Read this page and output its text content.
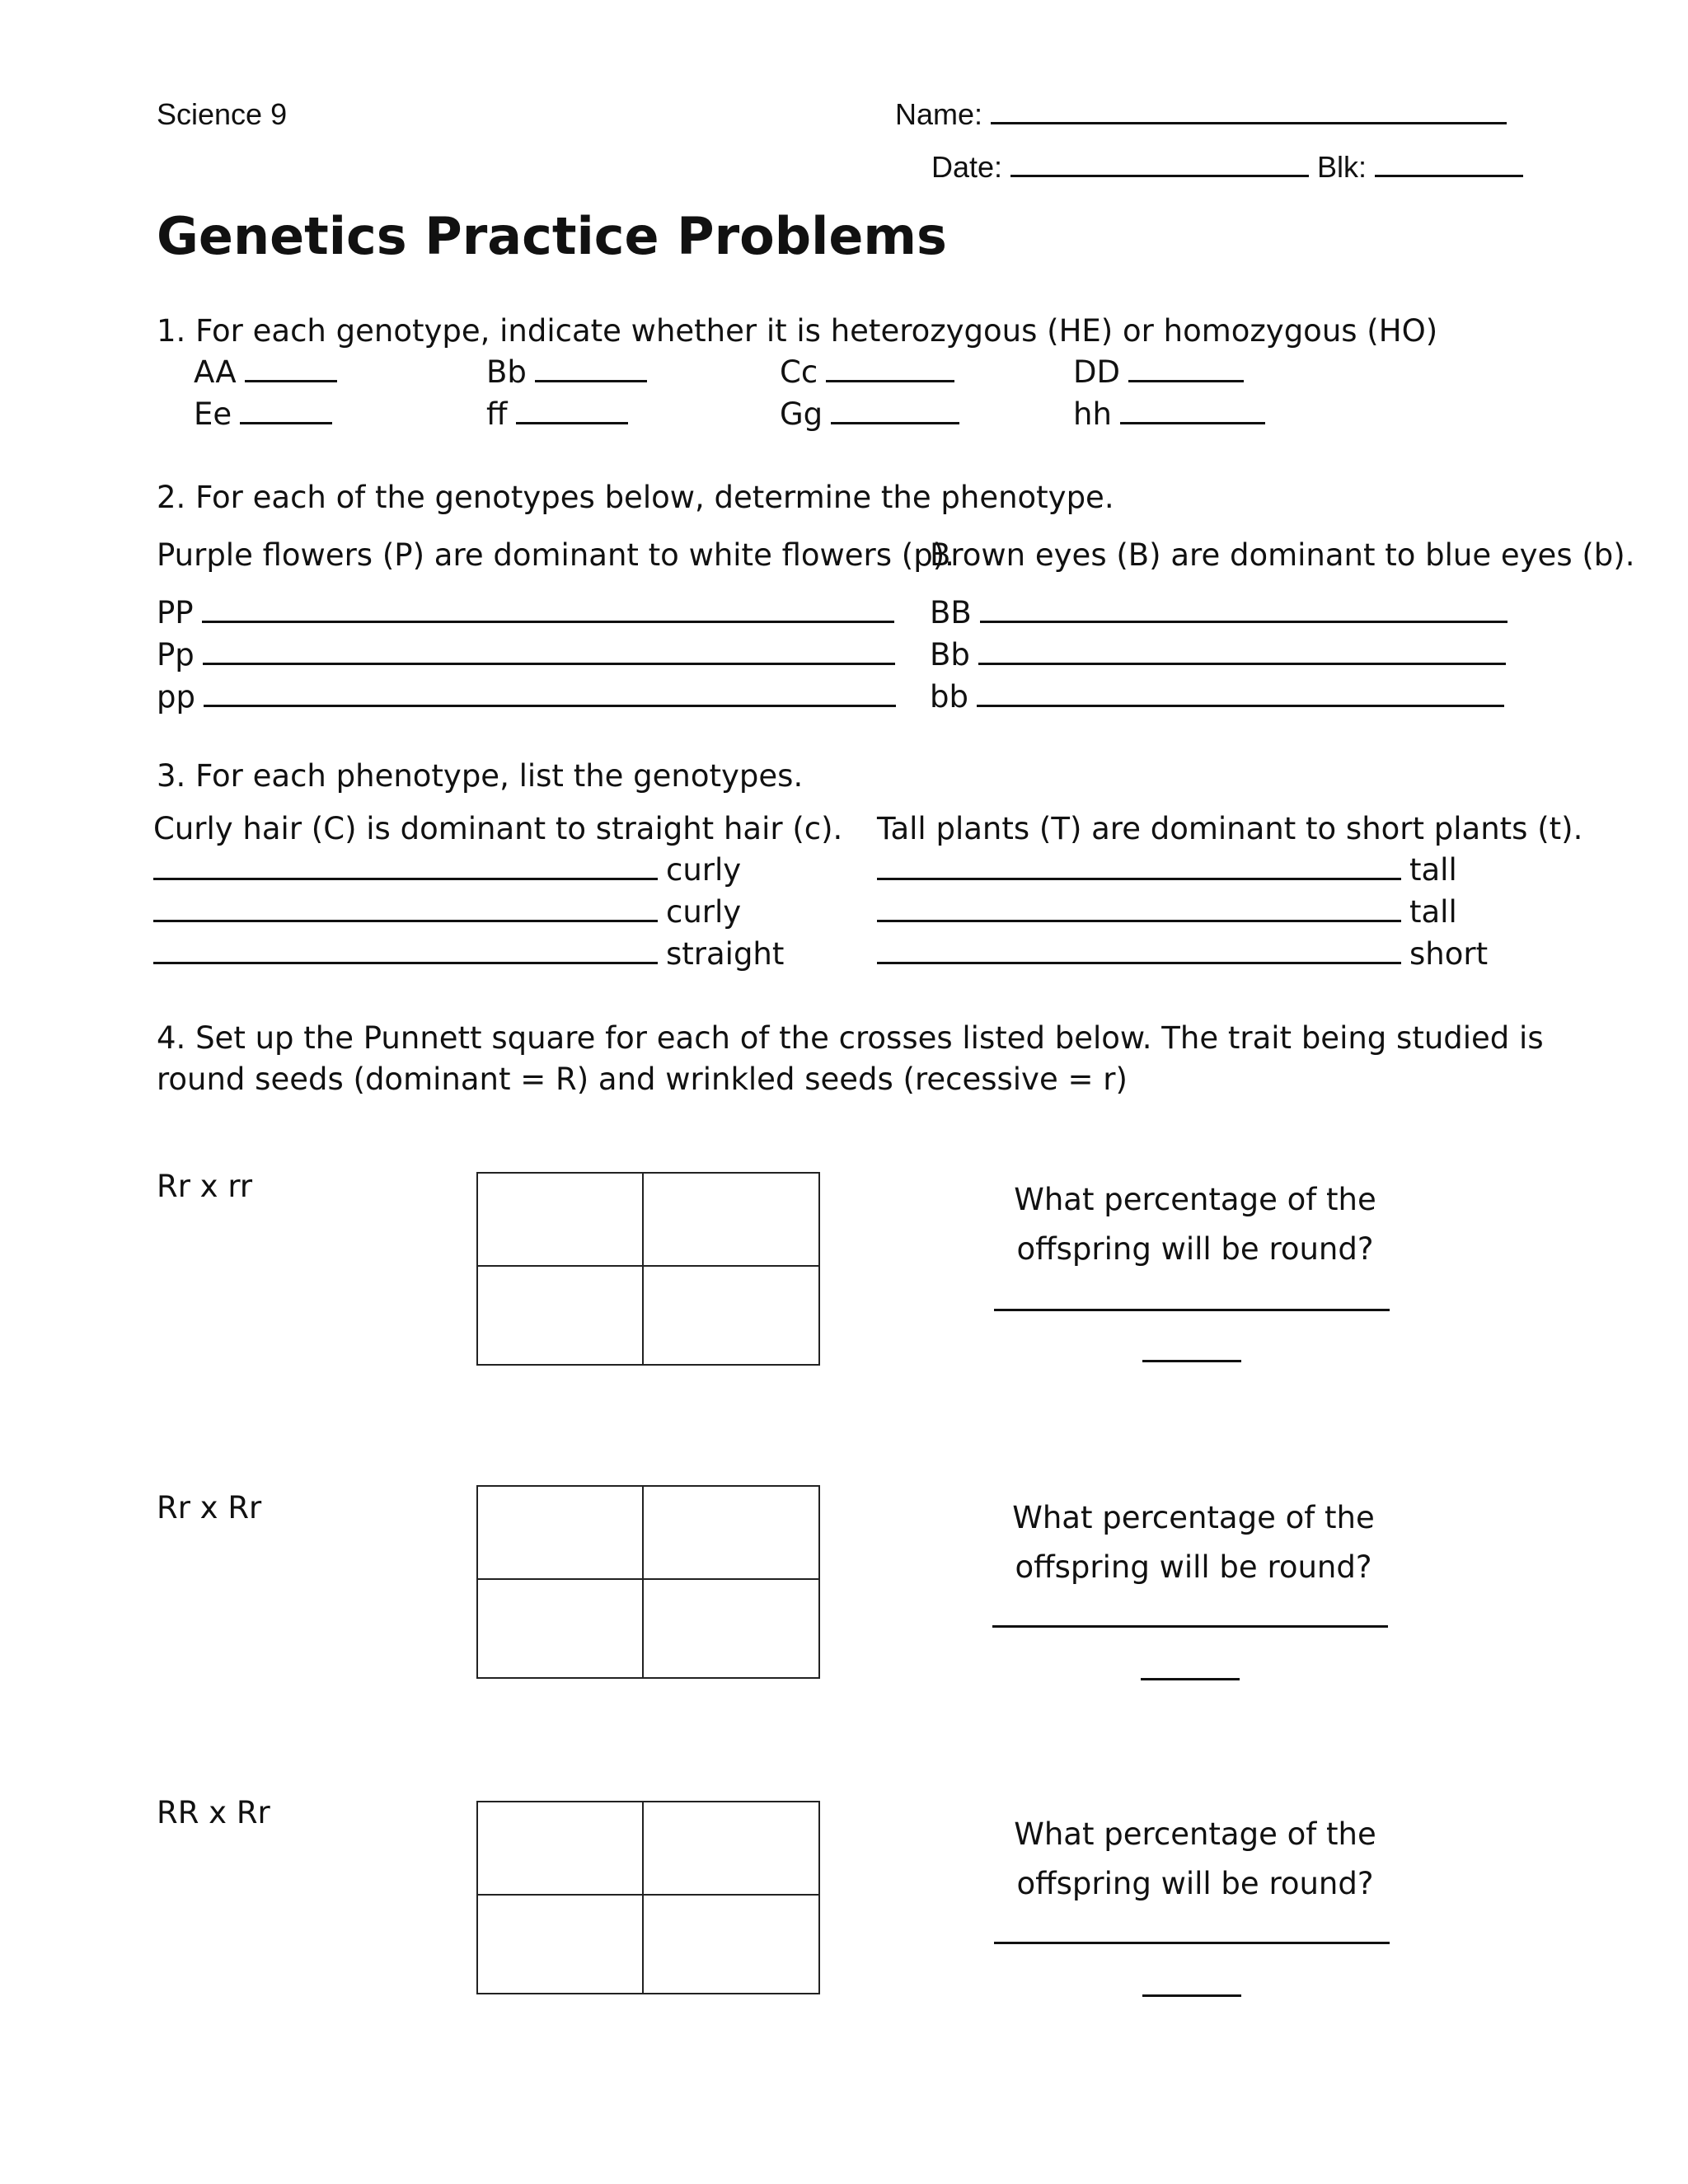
Science 9	Name:
Date:	Blk:
Genetics Practice Problems
1. For each genotype, indicate whether it is heterozygous (HE) or homozygous (HO)
AA	Bb	Cc	DD
Ee	ff	Gg	hh
2. For each of the genotypes below, determine the phenotype.
Purple flowers (P) are dominant to white flowers (p).
Brown eyes (B) are dominant to blue eyes (b).
PP
Pp
pp
BB
Bb
bb
3. For each phenotype, list the genotypes.
Curly hair (C) is dominant to straight hair (c). Tall plants (T) are dominant to short plants (t).
curly
curly
straight
tall
tall
short
4. Set up the Punnett square for each of the crosses listed below. The trait being studied is
round seeds (dominant = R) and wrinkled seeds (recessive = r)
Rr x rr	What percentage of the
offspring will be round?
Rr x Rr	What percentage of the
offspring will be round?
RR x Rr
What percentage of the
offspring will be round?
